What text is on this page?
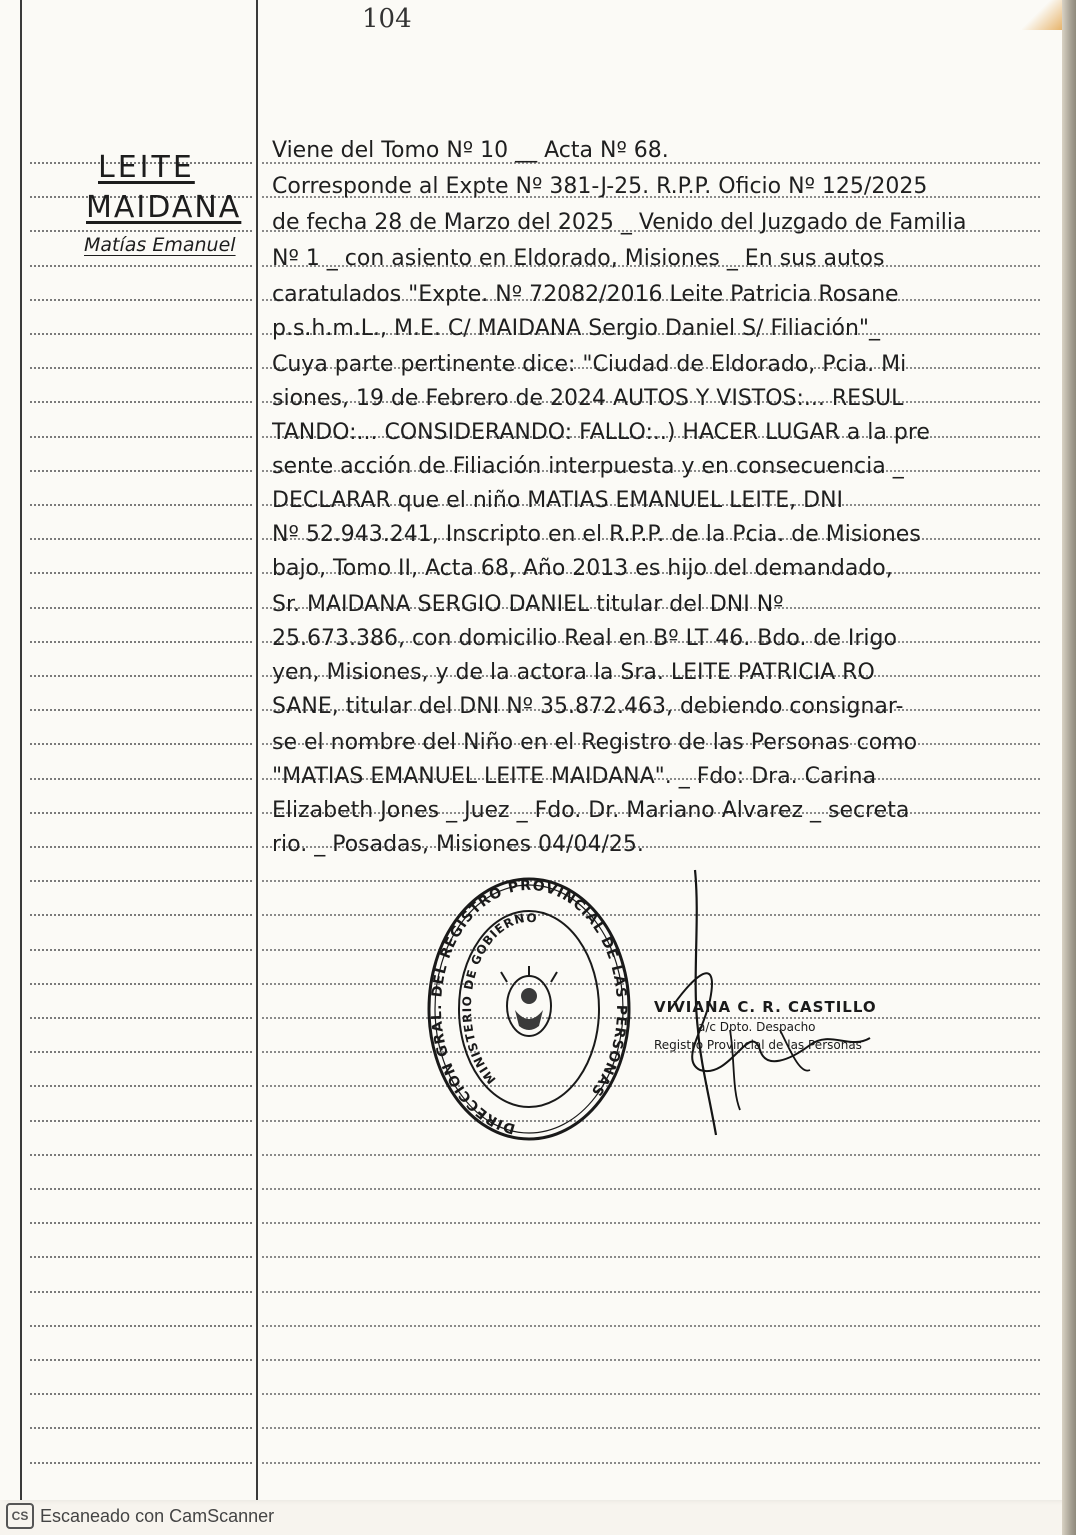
104
LEITE
MAIDANA
Matías Emanuel
Viene del Tomo Nº 10 __ Acta Nº 68.
Corresponde al Expte Nº 381-J-25. R.P.P. Oficio Nº 125/2025
de fecha 28 de Marzo del 2025 _ Venido del Juzgado de Familia
Nº 1 _ con asiento en Eldorado, Misiones _ En sus autos
caratulados "Expte. Nº 72082/2016 Leite Patricia Rosane
p.s.h.m.L., M.E. C/ MAIDANA Sergio Daniel S/ Filiación"_
Cuya parte pertinente dice: "Ciudad de Eldorado, Pcia. Mi
siones, 19 de Febrero de 2024 AUTOS Y VISTOS:... RESUL
TANDO:... CONSIDERANDO: FALLO:..) HACER LUGAR a la pre
sente acción de Filiación interpuesta y en consecuencia _
DECLARAR que el niño MATIAS EMANUEL LEITE, DNI
Nº 52.943.241, Inscripto en el R.P.P. de la Pcia. de Misiones
bajo, Tomo II, Acta 68, Año 2013 es hijo del demandado,
Sr. MAIDANA SERGIO DANIEL titular del DNI Nº
25.673.386, con domicilio Real en Bº LT 46. Bdo. de Irigo
yen, Misiones, y de la actora la Sra. LEITE PATRICIA RO
SANE, titular del DNI Nº 35.872.463, debiendo consignar-
se el nombre del Niño en el Registro de las Personas como
"MATIAS EMANUEL LEITE MAIDANA". _ Fdo: Dra. Carina
Elizabeth Jones _ Juez _ Fdo. Dr. Mariano Alvarez _ secreta
rio. _ Posadas, Misiones 04/04/25.
DIRECCION GRAL. DEL REGISTRO PROVINCIAL DE LAS PERSONAS
MINISTERIO DE GOBIERNO
VIVIANA C. R. CASTILLO
a/c Dpto. Despacho
Registro Provincial de las Personas
CS Escaneado con CamScanner
